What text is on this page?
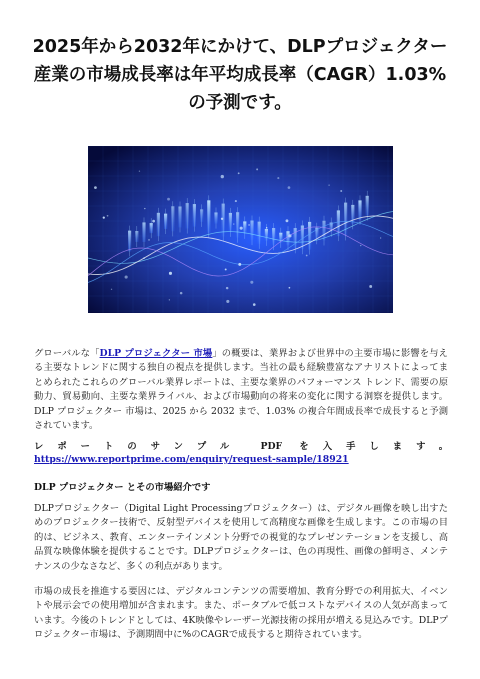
2025年から2032年にかけて、DLPプロジェクター産業の市場成長率は年平均成長率（CAGR）1.03%の予測です。

グローバルな「DLP プロジェクター 市場」の概要は、業界および世界中の主要市場に影響を与える主要なトレンドに関する独自の視点を提供します。当社の最も経験豊富なアナリストによってまとめられたこれらのグローバル業界レポートは、主要な業界のパフォーマンス トレンド、需要の原動力、貿易動向、主要な業界ライバル、および市場動向の将来の変化に関する洞察を提供します。DLP プロジェクター 市場は、2025 から 2032 まで、1.03% の複合年間成長率で成長すると予測されています。

レポートのサンプル PDF を入手します。 https://www.reportprime.com/enquiry/request-sample/18921

DLP プロジェクター とその市場紹介です

DLPプロジェクター（Digital Light Processingプロジェクター）は、デジタル画像を映し出すためのプロジェクター技術で、反射型デバイスを使用して高精度な画像を生成します。この市場の目的は、ビジネス、教育、エンターテインメント分野での視覚的なプレゼンテーションを支援し、高品質な映像体験を提供することです。DLPプロジェクターは、色の再現性、画像の鮮明さ、メンテナンスの少なさなど、多くの利点があります。

市場の成長を推進する要因には、デジタルコンテンツの需要増加、教育分野での利用拡大、イベントや展示会での使用増加が含まれます。また、ポータブルで低コストなデバイスの人気が高まっています。今後のトレンドとしては、4K映像やレーザー光源技術の採用が増える見込みです。DLPプロジェクター市場は、予測期間中に%のCAGRで成長すると期待されています。
